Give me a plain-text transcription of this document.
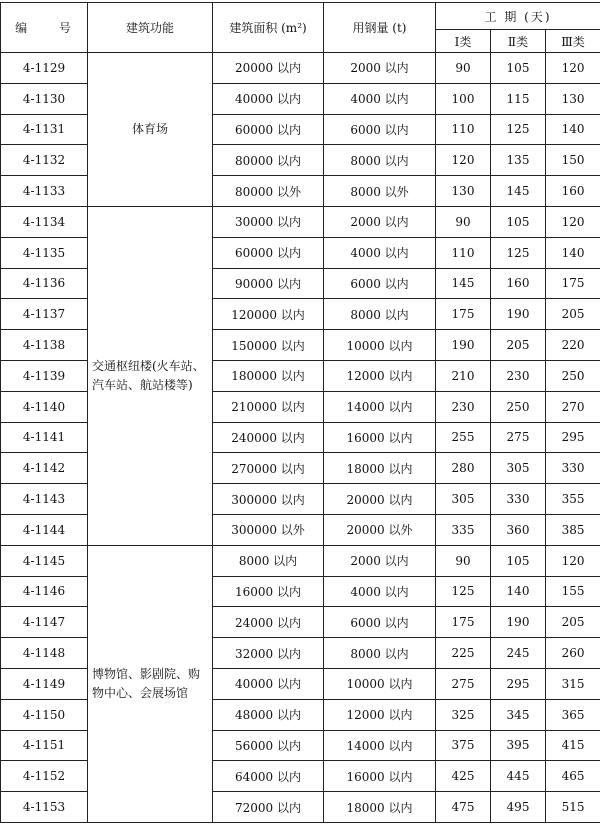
编 号	建筑功能	建筑面积 (m²)	用钢量 (t)	工 期 (天)		
				Ⅰ类	Ⅱ类	Ⅲ类
4-1129	体育场	20000 以内	2000 以内	90	105	120
4-1130		40000 以内	4000 以内	100	115	130
4-1131		60000 以内	6000 以内	110	125	140
4-1132		80000 以内	8000 以内	120	135	150
4-1133		80000 以外	8000 以外	130	145	160
4-1134	交通枢纽楼(火车站、汽车站、航站楼等)	30000 以内	2000 以内	90	105	120
4-1135		60000 以内	4000 以内	110	125	140
4-1136		90000 以内	6000 以内	145	160	175
4-1137		120000 以内	8000 以内	175	190	205
4-1138		150000 以内	10000 以内	190	205	220
4-1139		180000 以内	12000 以内	210	230	250
4-1140		210000 以内	14000 以内	230	250	270
4-1141		240000 以内	16000 以内	255	275	295
4-1142		270000 以内	18000 以内	280	305	330
4-1143		300000 以内	20000 以内	305	330	355
4-1144		300000 以外	20000 以外	335	360	385
4-1145	博物馆、影剧院、购物中心、会展场馆	8000 以内	2000 以内	90	105	120
4-1146		16000 以内	4000 以内	125	140	155
4-1147		24000 以内	6000 以内	175	190	205
4-1148		32000 以内	8000 以内	225	245	260
4-1149		40000 以内	10000 以内	275	295	315
4-1150		48000 以内	12000 以内	325	345	365
4-1151		56000 以内	14000 以内	375	395	415
4-1152		64000 以内	16000 以内	425	445	465
4-1153		72000 以内	18000 以内	475	495	515
